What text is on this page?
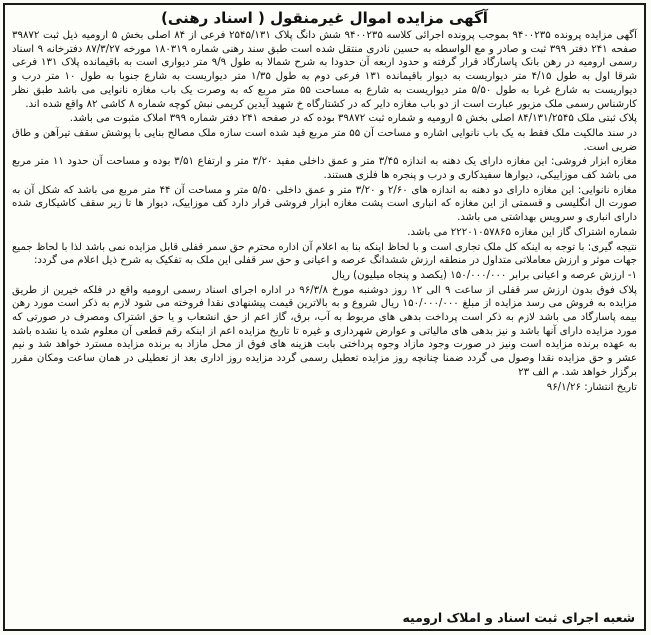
آگهی مزایده اموال غیرمنقول ( اسناد رهنی)

آگهی مزایده پرونده ۹۴۰۰۲۳۵ بموجب پرونده اجرائی کلاسه ۹۴۰۰۲۳۵ شش دانگ پلاک ۲۵۴۵/۱۳۱ فرعی از ۸۴ اصلی بخش ۵ ارومیه ذیل ثبت ۳۹۸۷۲ صفحه ۲۴۱ دفتر ۳۹۹ ثبت و صادر و مع الواسطه به حسین نادری منتقل شده است طبق سند رهنی شماره ۱۸۰۳۱۹ مورخه ۸۷/۳/۲۷ دفترخانه ۹ اسناد رسمی ارومیه در رهن بانک پاسارگاد قرار گرفته و حدود اربعه آن حدودا به شرح شمالا به طول ۹/۹ متر دیواری است به باقیمانده پلاک ۱۳۱ فرعی شرقا اول به طول ۴/۱۵ متر دیواریست به دیوار باقیمانده ۱۳۱ فرعی دوم به طول ۱/۳۵ متر دیواریست به شارع جنوبا به طول ۱۰ متر درب و دیواریست به شارع غربا به طول ۵/۵۰ متر دیواریست به شارع به مساحت ۵۵ متر مربع که به وصرت یک باب مغازه نانوایی می باشد طبق نظر کارشناس رسمی ملک مزبور عبارت است از دو باب مغازه دایر که در کشتارگاه خ شهید آیدین کریمی نبش کوچه شماره ۸ کاشی ۸۲ واقع شده اند.

پلاک ثبتی ملک ۸۴/۱۳۱/۲۵۴۵ اصلی بخش ۵ ارومیه و شماره ثبت ۳۹۸۷۲ بوده که در صفحه ۲۴۱ دفتر شماره ۳۹۹ املاک مثبوت می باشد.

در سند مالکیت ملک فقط به یک باب نانوایی اشاره و مساحت آن ۵۵ متر مربع قید شده است سازه ملک مصالح بنایی با پوشش سقف تیرآهن و طاق ضربی است.

مغازه ابزار فروشی: این مغازه دارای یک دهنه به اندازه ۳/۴۵ متر و عمق داخلی مفید ۳/۲۰ متر و ارتفاع ۳/۵۱ بوده و مساحت آن حدود ۱۱ متر مربع می باشد کف موزاییکی، دیوارها سفیدکاری و درب و پنجره ها فلزی هستند.

مغازه نانوایی: این مغازه دارای دو دهنه به اندازه های ۲/۶۰ و ۳/۲۰ متر و عمق داخلی ۵/۵۰ متر و مساحت آن ۴۴ متر مربع می باشد که شکل آن به صورت ال انگلیسی و قسمتی از این مغازه که انباری است پشت مغازه ابزار فروشی قرار دارد کف موزاییک، دیوار ها تا زیر سقف کاشیکاری شده دارای انباری و سرویس بهداشتی می باشد.

شماره اشتراک گاز این مغازه ۲۲۲۰۱۰۵۷۸۶۵ می باشد.

نتیجه گیری: با توجه به اینکه کل ملک تجاری است و با لحاظ اینکه بنا به اعلام آن اداره محترم حق سمر قفلی قابل مزایده نمی باشد لذا با لحاظ جمیع جهات موثر و ارزش معاملاتی متداول در منطقه ارزش ششدانگ عرصه و اعیانی و حق سر قفلی این ملک به تفکیک به شرح ذیل اعلام می گردد:

۱- ارزش عرصه و اعیانی برابر ۱۵۰/۰۰۰/۰۰۰ (یکصد و پنجاه میلیون) ریال

پلاک فوق بدون ارزش سر قفلی از ساعت ۹ الی ۱۲ روز دوشنبه مورخ ۹۶/۳/۸ در اداره اجرای اسناد رسمی ارومیه واقع در فلکه خیرین از طریق مزایده به فروش می رسد مزایده از مبلغ ۱۵۰/۰۰۰/۰۰۰ ریال شروع و به بالاترین قیمت پیشنهادی نقدا فروخته می شود لازم به ذکر است مورد رهن بیمه پاسارگاد می باشد لازم به ذکر است پرداخت بدهی های مربوط به آب، برق، گاز اعم از حق انشعاب و یا حق اشتراک ومصرف در صورتی که مورد مزایده دارای آنها باشد و نیز بدهی های مالیاتی و عوارض شهرداری و غیره تا تاریخ مزایده اعم از اینکه رقم قطعی آن معلوم شده یا نشده باشد به عهده برنده مزایده است ونیز در صورت وجود مازاد وجوه پرداختی بابت هزینه های فوق از محل مازاد به برنده مزایده مسترد خواهد شد و نیم عشر و حق مزایده نقدا وصول می گردد ضمنا چنانچه روز مزایده تعطیل رسمی گردد مزایده روز اداری بعد از تعطیلی در همان ساعت ومکان مقرر برگزار خواهد شد. م الف ۲۳

تاریخ انتشار: ۹۶/۱/۲۶

شعبه اجرای ثبت اسناد و املاک ارومیه
